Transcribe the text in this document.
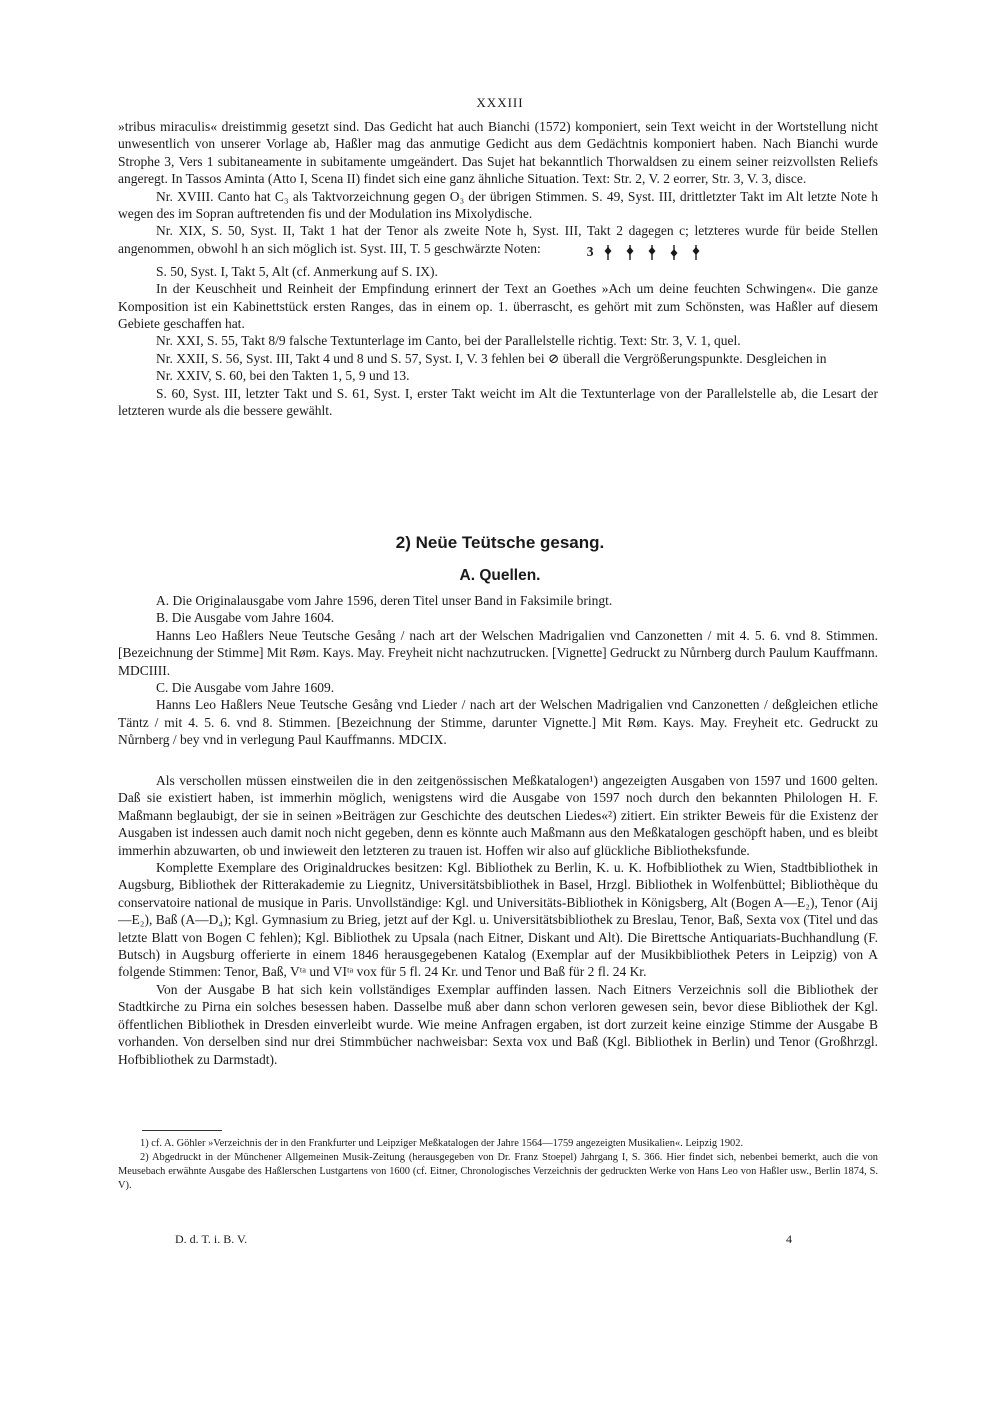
XXXIII

»tribus miraculis« dreistimmig gesetzt sind. Das Gedicht hat auch Bianchi (1572) komponiert, sein Text weicht in der Wortstellung nicht unwesentlich von unserer Vorlage ab, Haßler mag das anmutige Gedicht aus dem Gedächtnis komponiert haben. Nach Bianchi wurde Strophe 3, Vers 1 subitaneamente in subitamente umgeändert. Das Sujet hat bekanntlich Thorwaldsen zu einem seiner reizvollsten Reliefs angeregt. In Tassos Aminta (Atto I, Scena II) findet sich eine ganz ähnliche Situation. Text: Str. 2, V. 2 eorrer, Str. 3, V. 3, disce.

Nr. XVIII. Canto hat C₃ als Taktvorzeichnung gegen O₃ der übrigen Stimmen. S. 49, Syst. III, drittletzter Takt im Alt letzte Note h wegen des im Sopran auftretenden fis und der Modulation ins Mixolydische.

Nr. XIX, S. 50, Syst. II, Takt 1 hat der Tenor als zweite Note h, Syst. III, Takt 2 dagegen c; letzteres wurde für beide Stellen angenommen, obwohl h an sich möglich ist. Syst. III, T. 5 geschwärzte Noten:	3

S. 50, Syst. I, Takt 5, Alt (cf. Anmerkung auf S. IX).

In der Keuschheit und Reinheit der Empfindung erinnert der Text an Goethes »Ach um deine feuchten Schwingen«. Die ganze Komposition ist ein Kabinettstück ersten Ranges, das in einem op. 1. überrascht, es gehört mit zum Schönsten, was Haßler auf diesem Gebiete geschaffen hat.

Nr. XXI, S. 55, Takt 8/9 falsche Textunterlage im Canto, bei der Parallelstelle richtig. Text: Str. 3, V. 1, quel.

Nr. XXII, S. 56, Syst. III, Takt 4 und 8 und S. 57, Syst. I, V. 3 fehlen bei ⊘ überall die Vergrößerungspunkte. Desgleichen in

Nr. XXIV, S. 60, bei den Takten 1, 5, 9 und 13.

S. 60, Syst. III, letzter Takt und S. 61, Syst. I, erster Takt weicht im Alt die Textunterlage von der Parallelstelle ab, die Lesart der letzteren wurde als die bessere gewählt.

2) Neüe Teütsche gesang.
A. Quellen.

A. Die Originalausgabe vom Jahre 1596, deren Titel unser Band in Faksimile bringt.

B. Die Ausgabe vom Jahre 1604.

Hanns Leo Haßlers Neue Teutsche Gesång / nach art der Welschen Madrigalien vnd Canzonetten / mit 4. 5. 6. vnd 8. Stimmen. [Bezeichnung der Stimme] Mit Røm. Kays. May. Freyheit nicht nachzutrucken. [Vignette] Gedruckt zu Nůrnberg durch Paulum Kauffmann. MDCIIII.

C. Die Ausgabe vom Jahre 1609.

Hanns Leo Haßlers Neue Teutsche Gesång vnd Lieder / nach art der Welschen Madrigalien vnd Canzonetten / deßgleichen etliche Täntz / mit 4. 5. 6. vnd 8. Stimmen. [Bezeichnung der Stimme, darunter Vignette.] Mit Røm. Kays. May. Freyheit etc. Gedruckt zu Nůrnberg / bey vnd in verlegung Paul Kauffmanns. MDCIX.

Als verschollen müssen einstweilen die in den zeitgenössischen Meßkatalogen¹) angezeigten Ausgaben von 1597 und 1600 gelten. Daß sie existiert haben, ist immerhin möglich, wenigstens wird die Ausgabe von 1597 noch durch den bekannten Philologen H. F. Maßmann beglaubigt, der sie in seinen »Beiträgen zur Geschichte des deutschen Liedes«²) zitiert. Ein strikter Beweis für die Existenz der Ausgaben ist indessen auch damit noch nicht gegeben, denn es könnte auch Maßmann aus den Meßkatalogen geschöpft haben, und es bleibt immerhin abzuwarten, ob und inwieweit den letzteren zu trauen ist. Hoffen wir also auf glückliche Bibliotheksfunde.

Komplette Exemplare des Originaldruckes besitzen: Kgl. Bibliothek zu Berlin, K. u. K. Hofbibliothek zu Wien, Stadtbibliothek in Augsburg, Bibliothek der Ritterakademie zu Liegnitz, Universitätsbibliothek in Basel, Hrzgl. Bibliothek in Wolfenbüttel; Bibliothèque du conservatoire national de musique in Paris. Unvollständige: Kgl. und Universitäts-Bibliothek in Königsberg, Alt (Bogen A—E₂), Tenor (Aij—E₂), Baß (A—D₄); Kgl. Gymnasium zu Brieg, jetzt auf der Kgl. u. Universitätsbibliothek zu Breslau, Tenor, Baß, Sexta vox (Titel und das letzte Blatt von Bogen C fehlen); Kgl. Bibliothek zu Upsala (nach Eitner, Diskant und Alt). Die Birettsche Antiquariats-Buchhandlung (F. Butsch) in Augsburg offerierte in einem 1846 herausgegebenen Katalog (Exemplar auf der Musikbibliothek Peters in Leipzig) von A folgende Stimmen: Tenor, Baß, Vᵗᵃ und VIᵗᵃ vox für 5 fl. 24 Kr. und Tenor und Baß für 2 fl. 24 Kr.

Von der Ausgabe B hat sich kein vollständiges Exemplar auffinden lassen. Nach Eitners Verzeichnis soll die Bibliothek der Stadtkirche zu Pirna ein solches besessen haben. Dasselbe muß aber dann schon verloren gewesen sein, bevor diese Bibliothek der Kgl. öffentlichen Bibliothek in Dresden einverleibt wurde. Wie meine Anfragen ergaben, ist dort zurzeit keine einzige Stimme der Ausgabe B vorhanden. Von derselben sind nur drei Stimmbücher nachweisbar: Sexta vox und Baß (Kgl. Bibliothek in Berlin) und Tenor (Großhrzgl. Hofbibliothek zu Darmstadt).

1) cf. A. Göhler »Verzeichnis der in den Frankfurter und Leipziger Meßkatalogen der Jahre 1564—1759 angezeigten Musikalien«. Leipzig 1902.

2) Abgedruckt in der Münchener Allgemeinen Musik-Zeitung (herausgegeben von Dr. Franz Stoepel) Jahrgang I, S. 366. Hier findet sich, nebenbei bemerkt, auch die von Meusebach erwähnte Ausgabe des Haßlerschen Lustgartens von 1600 (cf. Eitner, Chronologisches Verzeichnis der gedruckten Werke von Hans Leo von Haßler usw., Berlin 1874, S. V).

D. d. T. i. B. V.	4
